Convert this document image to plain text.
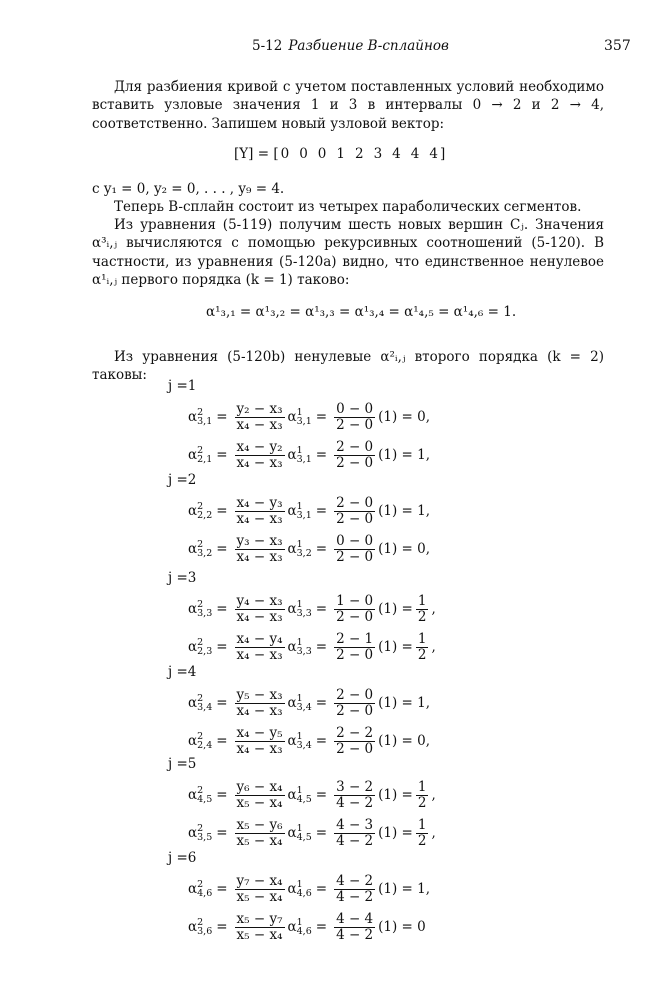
5-12 Разбиение B-сплайнов	357

Для разбиения кривой с учетом поставленных условий необходимо вставить узловые значения 1 и 3 в интервалы 0 → 2 и 2 → 4, соответственно. Запишем новый узловой вектор:

[Y] = [ 0 0 0 1 2 3 4 4 4 ]

с y₁ = 0, y₂ = 0, . . . , y₉ = 4.

Теперь B-сплайн состоит из четырех параболических сегментов.

Из уравнения (5-119) получим шесть новых вершин Cⱼ. Значения α³ᵢ,ⱼ вычисляются с помощью рекурсивных соотношений (5-120). В частности, из уравнения (5-120a) видно, что единственное ненулевое α¹ᵢ,ⱼ первого порядка (k = 1) таково:

α¹₃,₁ = α¹₃,₂ = α¹₃,₃ = α¹₃,₄ = α¹₄,₅ = α¹₄,₆ = 1.

Из уравнения (5-120b) ненулевые α²ᵢ,ⱼ второго порядка (k = 2) таковы:

j =1
α 2
$3,1 = \frac{\text{y₂ − x₃}}{\text{x₄ − x₃}}$ α 1
$3,1 = \frac{0 - 0}{2 - 0} (1) = 0$,
α 2
$2,1 = \frac{\text{x₄ − y₂}}{\text{x₄ − x₃}}$ α 1
$3,1 = \frac{2 - 0}{2 - 0} (1) = 1$,
j =2
α 2
$2,2 = \frac{\text{x₄ − y₃}}{\text{x₄ − x₃}}$ α 1
$3,1 = \frac{2 - 0}{2 - 0} (1) = 1$,
α 2
$3,2 = \frac{\text{y₃ − x₃}}{\text{x₄ − x₃}}$ α 1
$3,2 = \frac{0 - 0}{2 - 0} (1) = 0$,
j =3
α 2
$3,3 = \frac{\text{y₄ − x₃}}{\text{x₄ − x₃}}$ α 1
$3,3 = \frac{1 - 0}{2 - 0} (1) = \frac{1}{2}$ ,
α 2
$2,3 = \frac{\text{x₄ − y₄}}{\text{x₄ − x₃}}$ α 1
$3,3 = \frac{2 - 1}{2 - 0} (1) = \frac{1}{2}$ ,
j =4
α 2
$3,4 = \frac{\text{y₅ − x₃}}{\text{x₄ − x₃}}$ α 1
$3,4 = \frac{2 - 0}{2 - 0} (1) = 1$,
α 2
$2,4 = \frac{\text{x₄ − y₅}}{\text{x₄ − x₃}}$ α 1
$3,4 = \frac{2 - 2}{2 - 0} (1) = 0$,
j =5
α 2
$4,5 = \frac{\text{y₆ − x₄}}{\text{x₅ − x₄}}$ α 1
$4,5 = \frac{3 - 2}{4 - 2} (1) = \frac{1}{2}$ ,
α 2
$3,5 = \frac{\text{x₅ − y₆}}{\text{x₅ − x₄}}$ α 1
$4,5 = \frac{4 - 3}{4 - 2} (1) = \frac{1}{2}$ ,
j =6
α 2
$4,6 = \frac{\text{y₇ − x₄}}{\text{x₅ − x₄}}$ α 1
$4,6 = \frac{4 - 2}{4 - 2} (1) = 1$,
α 2
$3,6 = \frac{\text{x₅ − y₇}}{\text{x₅ − x₄}}$ α 1
$4,6 = \frac{4 - 4}{4 - 2} (1) = 0$
